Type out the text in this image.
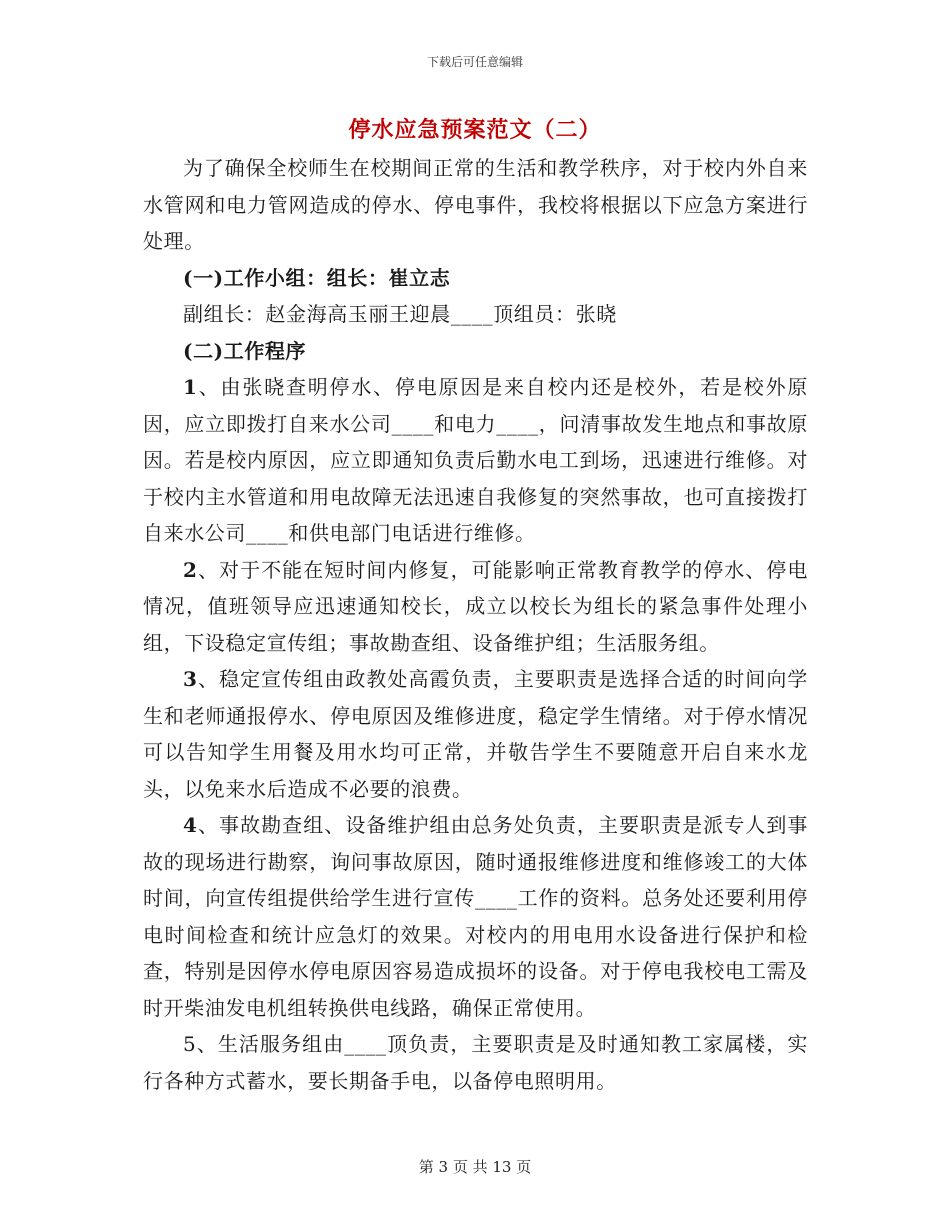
下载后可任意编辑
停水应急预案范文（二）

为了确保全校师生在校期间正常的生活和教学秩序，对于校内外自来水管网和电力管网造成的停水、停电事件，我校将根据以下应急方案进行处理。

(一)工作小组：组长：崔立志

副组长：赵金海高玉丽王迎晨____顶组员：张晓

(二)工作程序

1、由张晓查明停水、停电原因是来自校内还是校外，若是校外原因，应立即拨打自来水公司____和电力____，问清事故发生地点和事故原因。若是校内原因，应立即通知负责后勤水电工到场，迅速进行维修。对于校内主水管道和用电故障无法迅速自我修复的突然事故，也可直接拨打自来水公司____和供电部门电话进行维修。

2、对于不能在短时间内修复，可能影响正常教育教学的停水、停电情况，值班领导应迅速通知校长，成立以校长为组长的紧急事件处理小组，下设稳定宣传组；事故勘查组、设备维护组；生活服务组。

3、稳定宣传组由政教处高霞负责，主要职责是选择合适的时间向学生和老师通报停水、停电原因及维修进度，稳定学生情绪。对于停水情况可以告知学生用餐及用水均可正常，并敬告学生不要随意开启自来水龙头，以免来水后造成不必要的浪费。

4、事故勘查组、设备维护组由总务处负责，主要职责是派专人到事故的现场进行勘察，询问事故原因，随时通报维修进度和维修竣工的大体时间，向宣传组提供给学生进行宣传____工作的资料。总务处还要利用停电时间检查和统计应急灯的效果。对校内的用电用水设备进行保护和检查，特别是因停水停电原因容易造成损坏的设备。对于停电我校电工需及时开柴油发电机组转换供电线路，确保正常使用。

5、生活服务组由____顶负责，主要职责是及时通知教工家属楼，实行各种方式蓄水，要长期备手电，以备停电照明用。

第 3 页 共 13 页
